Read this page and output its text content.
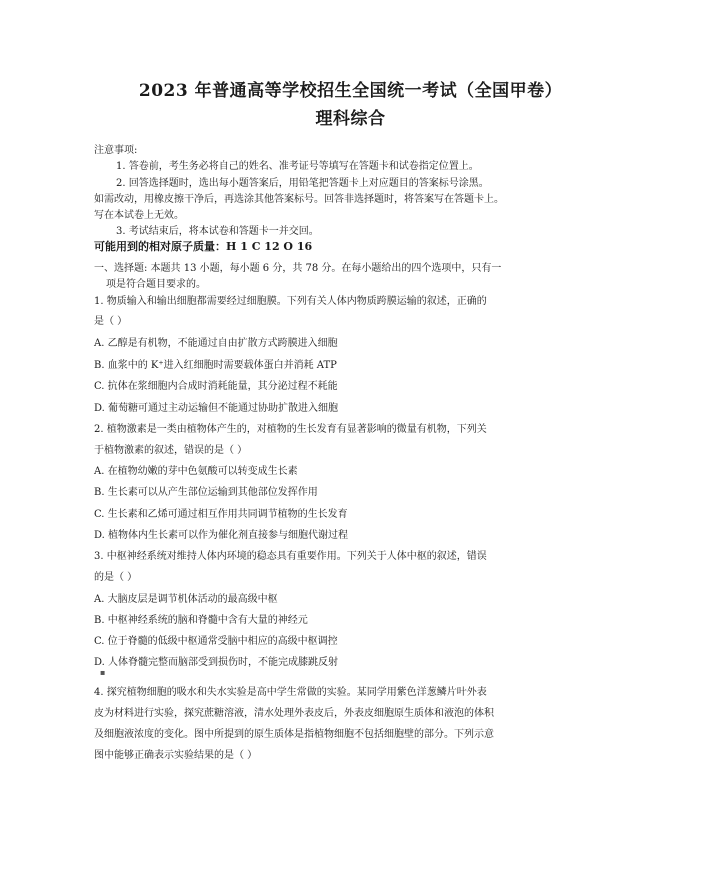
2023 年普通高等学校招生全国统一考试（全国甲卷）
理科综合
注意事项:
1. 答卷前，考生务必将自己的姓名、准考证号等填写在答题卡和试卷指定位置上。
2. 回答选择题时，选出每小题答案后，用铅笔把答题卡上对应题目的答案标号涂黑。
如需改动，用橡皮擦干净后，再选涂其他答案标号。回答非选择题时，将答案写在答题卡上。
写在本试卷上无效。
3. 考试结束后，将本试卷和答题卡一并交回。
可能用到的相对原子质量：H 1 C 12 O 16
一、选择题: 本题共 13 小题，每小题 6 分，共 78 分。在每小题给出的四个选项中，只有一
项是符合题目要求的。
1. 物质输入和输出细胞都需要经过细胞膜。下列有关人体内物质跨膜运输的叙述，正确的
是（ ）
A. 乙醇是有机物，不能通过自由扩散方式跨膜进入细胞
B. 血浆中的 K⁺进入红细胞时需要载体蛋白并消耗 ATP
C. 抗体在浆细胞内合成时消耗能量，其分泌过程不耗能
D. 葡萄糖可通过主动运输但不能通过协助扩散进入细胞
2. 植物激素是一类由植物体产生的，对植物的生长发育有显著影响的微量有机物，下列关
于植物激素的叙述，错误的是（ ）
A. 在植物幼嫩的芽中色氨酸可以转变成生长素
B. 生长素可以从产生部位运输到其他部位发挥作用
C. 生长素和乙烯可通过相互作用共同调节植物的生长发育
D. 植物体内生长素可以作为催化剂直接参与细胞代谢过程
3. 中枢神经系统对维持人体内环境的稳态具有重要作用。下列关于人体中枢的叙述，错误
的是（ ）
A. 大脑皮层是调节机体活动的最高级中枢
B. 中枢神经系统的脑和脊髓中含有大量的神经元
C. 位于脊髓的低级中枢通常受脑中相应的高级中枢调控
D. 人体脊髓完整而脑部受到损伤时，不能完成膝跳反射
▪
4. 探究植物细胞的吸水和失水实验是高中学生常做的实验。某同学用紫色洋葱鳞片叶外表
皮为材料进行实验，探究蔗糖溶液，清水处理外表皮后，外表皮细胞原生质体和液泡的体积
及细胞液浓度的变化。图中所提到的原生质体是指植物细胞不包括细胞壁的部分。下列示意
图中能够正确表示实验结果的是（ ）
